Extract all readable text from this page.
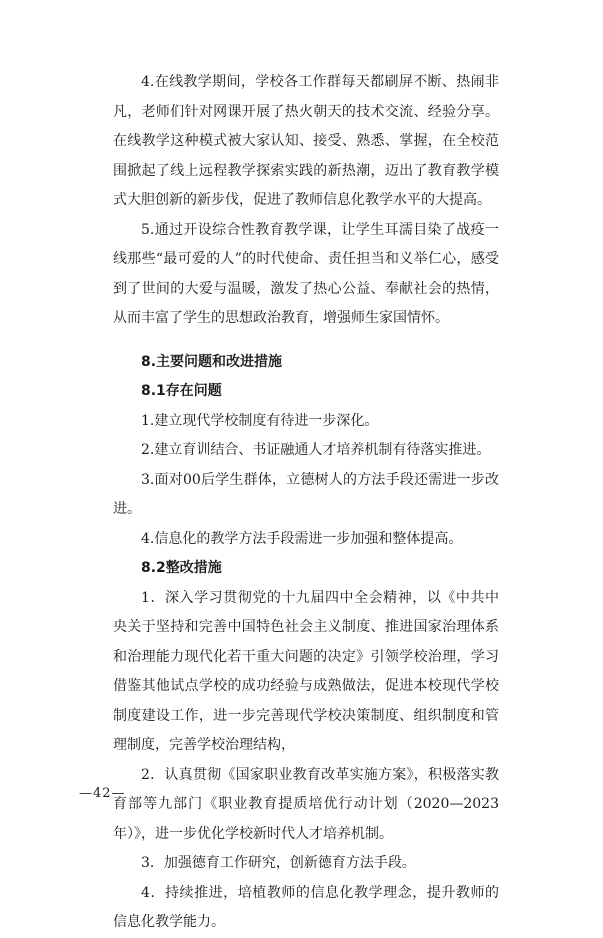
4.在线教学期间，学校各工作群每天都刷屏不断、热闹非凡，老师们针对网课开展了热火朝天的技术交流、经验分享。在线教学这种模式被大家认知、接受、熟悉、掌握，在全校范围掀起了线上远程教学探索实践的新热潮，迈出了教育教学模式大胆创新的新步伐，促进了教师信息化教学水平的大提高。

5.通过开设综合性教育教学课，让学生耳濡目染了战疫一线那些“最可爱的人”的时代使命、责任担当和义举仁心，感受到了世间的大爱与温暖，激发了热心公益、奉献社会的热情，从而丰富了学生的思想政治教育，增强师生家国情怀。

8.主要问题和改进措施

8.1存在问题

1.建立现代学校制度有待进一步深化。

2.建立育训结合、书证融通人才培养机制有待落实推进。

3.面对00后学生群体，立德树人的方法手段还需进一步改进。

4.信息化的教学方法手段需进一步加强和整体提高。

8.2整改措施

1．深入学习贯彻党的十九届四中全会精神，以《中共中央关于坚持和完善中国特色社会主义制度、推进国家治理体系和治理能力现代化若干重大问题的决定》引领学校治理，学习借鉴其他试点学校的成功经验与成熟做法，促进本校现代学校制度建设工作，进一步完善现代学校决策制度、组织制度和管理制度，完善学校治理结构，

2．认真贯彻《国家职业教育改革实施方案》，积极落实教育部等九部门《职业教育提质培优行动计划（2020—2023年）》，进一步优化学校新时代人才培养机制。

3．加强德育工作研究，创新德育方法手段。

4．持续推进，培植教师的信息化教学理念，提升教师的信息化教学能力。

—42—
